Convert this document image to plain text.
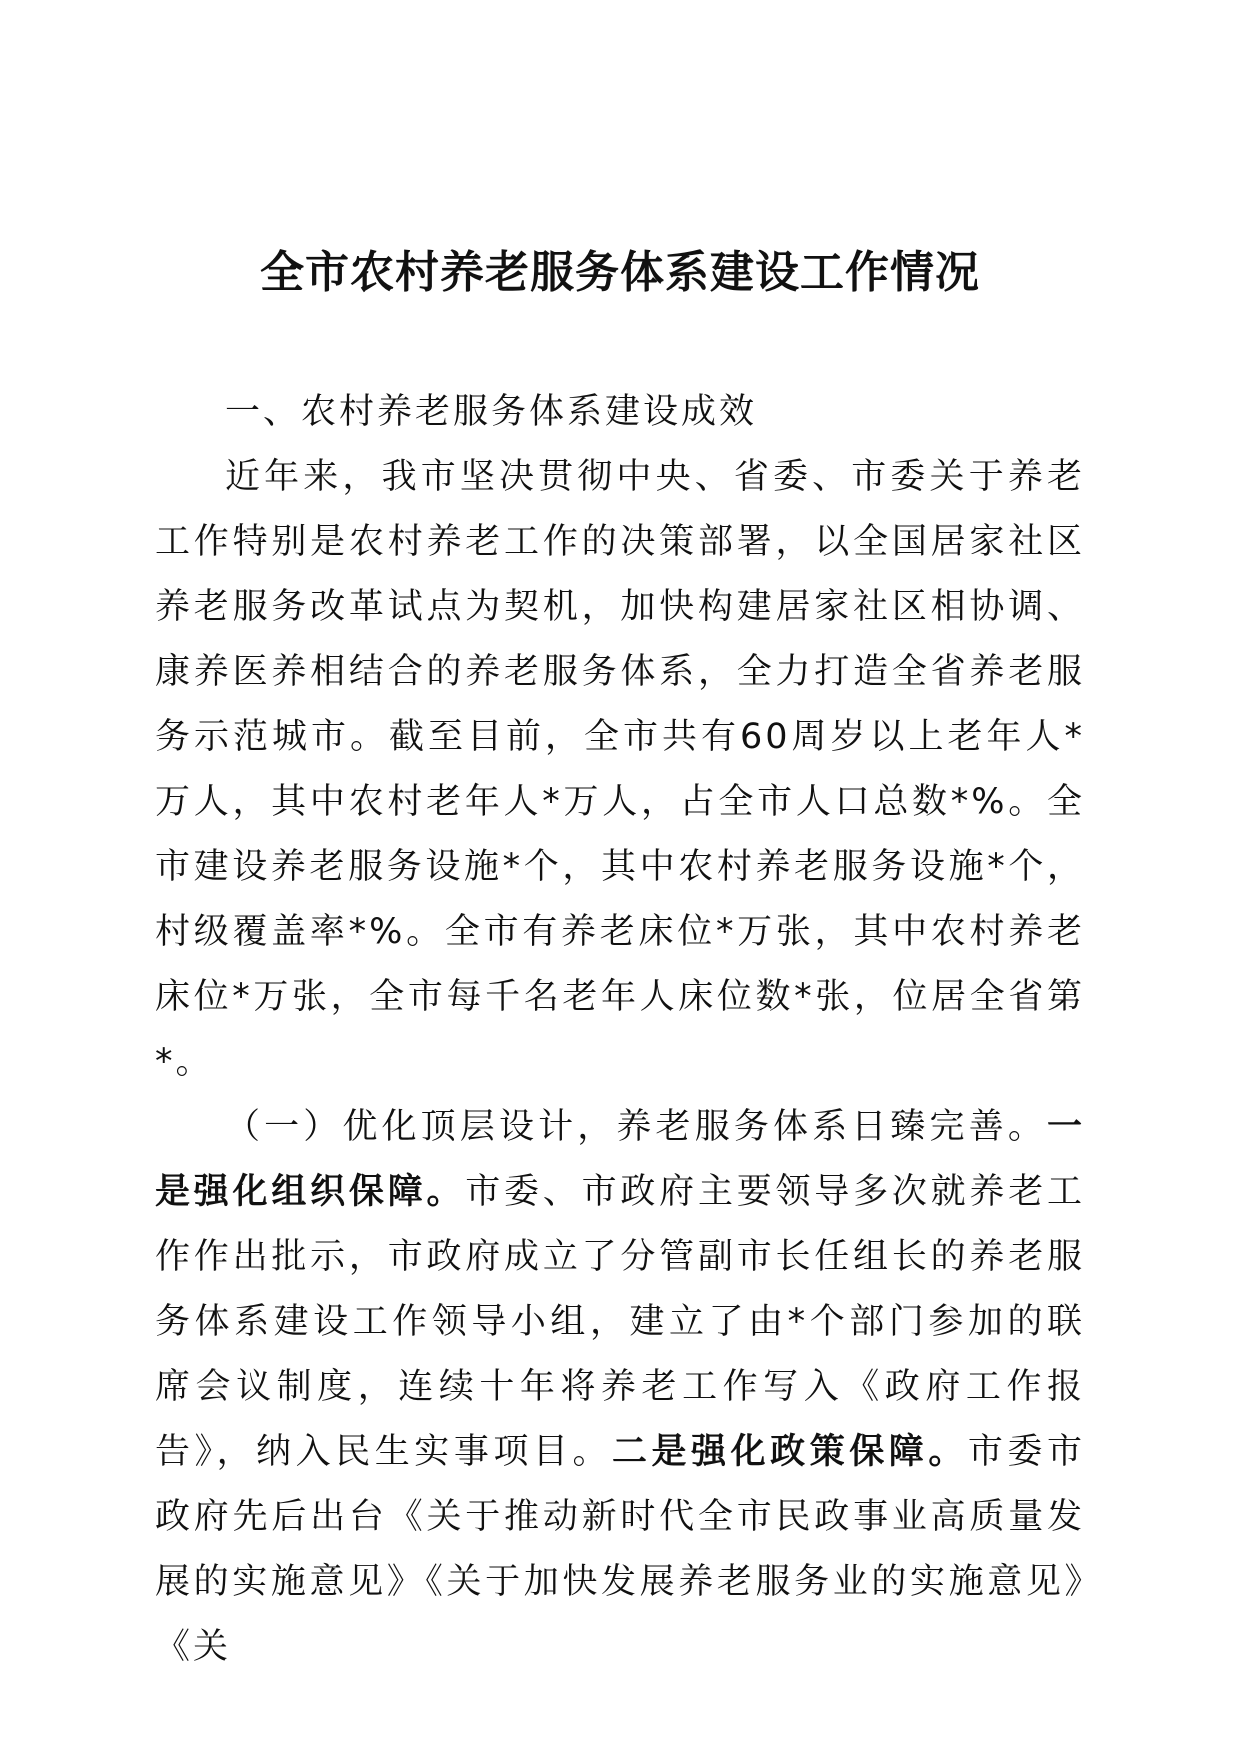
全市农村养老服务体系建设工作情况

一、农村养老服务体系建设成效

近年来，我市坚决贯彻中央、省委、市委关于养老工作特别是农村养老工作的决策部署，以全国居家社区养老服务改革试点为契机，加快构建居家社区相协调、康养医养相结合的养老服务体系，全力打造全省养老服务示范城市。截至目前，全市共有60周岁以上老年人*万人，其中农村老年人*万人，占全市人口总数*%。全市建设养老服务设施*个，其中农村养老服务设施*个，村级覆盖率*%。全市有养老床位*万张，其中农村养老床位*万张，全市每千名老年人床位数*张，位居全省第*。

（一）优化顶层设计，养老服务体系日臻完善。一是强化组织保障。市委、市政府主要领导多次就养老工作作出批示，市政府成立了分管副市长任组长的养老服务体系建设工作领导小组，建立了由*个部门参加的联席会议制度，连续十年将养老工作写入《政府工作报告》，纳入民生实事项目。二是强化政策保障。市委市政府先后出台《关于推动新时代全市民政事业高质量发展的实施意见》《关于加快发展养老服务业的实施意见》《关
